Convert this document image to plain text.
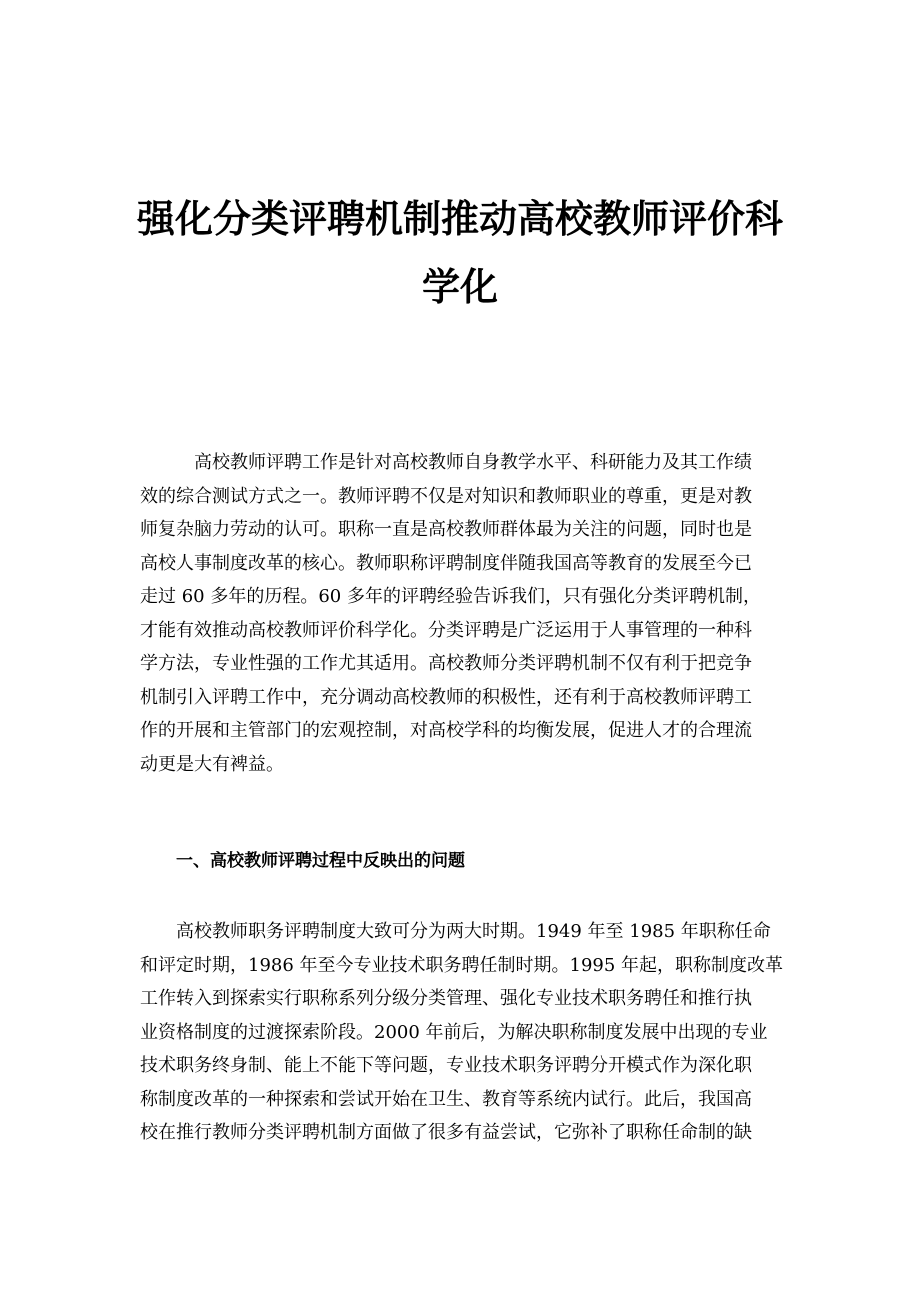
强化分类评聘机制推动高校教师评价科
学化
　　　高校教师评聘工作是针对高校教师自身教学水平、科研能力及其工作绩
效的综合测试方式之一。教师评聘不仅是对知识和教师职业的尊重，更是对教
师复杂脑力劳动的认可。职称一直是高校教师群体最为关注的问题，同时也是
高校人事制度改革的核心。教师职称评聘制度伴随我国高等教育的发展至今已
走过 60 多年的历程。60 多年的评聘经验告诉我们，只有强化分类评聘机制，
才能有效推动高校教师评价科学化。分类评聘是广泛运用于人事管理的一种科
学方法，专业性强的工作尤其适用。高校教师分类评聘机制不仅有利于把竞争
机制引入评聘工作中，充分调动高校教师的积极性，还有利于高校教师评聘工
作的开展和主管部门的宏观控制，对高校学科的均衡发展，促进人才的合理流
动更是大有裨益。
一、高校教师评聘过程中反映出的问题
　　高校教师职务评聘制度大致可分为两大时期。1949 年至 1985 年职称任命
和评定时期，1986 年至今专业技术职务聘任制时期。1995 年起，职称制度改革
工作转入到探索实行职称系列分级分类管理、强化专业技术职务聘任和推行执
业资格制度的过渡探索阶段。2000 年前后，为解决职称制度发展中出现的专业
技术职务终身制、能上不能下等问题，专业技术职务评聘分开模式作为深化职
称制度改革的一种探索和尝试开始在卫生、教育等系统内试行。此后，我国高
校在推行教师分类评聘机制方面做了很多有益尝试，它弥补了职称任命制的缺
